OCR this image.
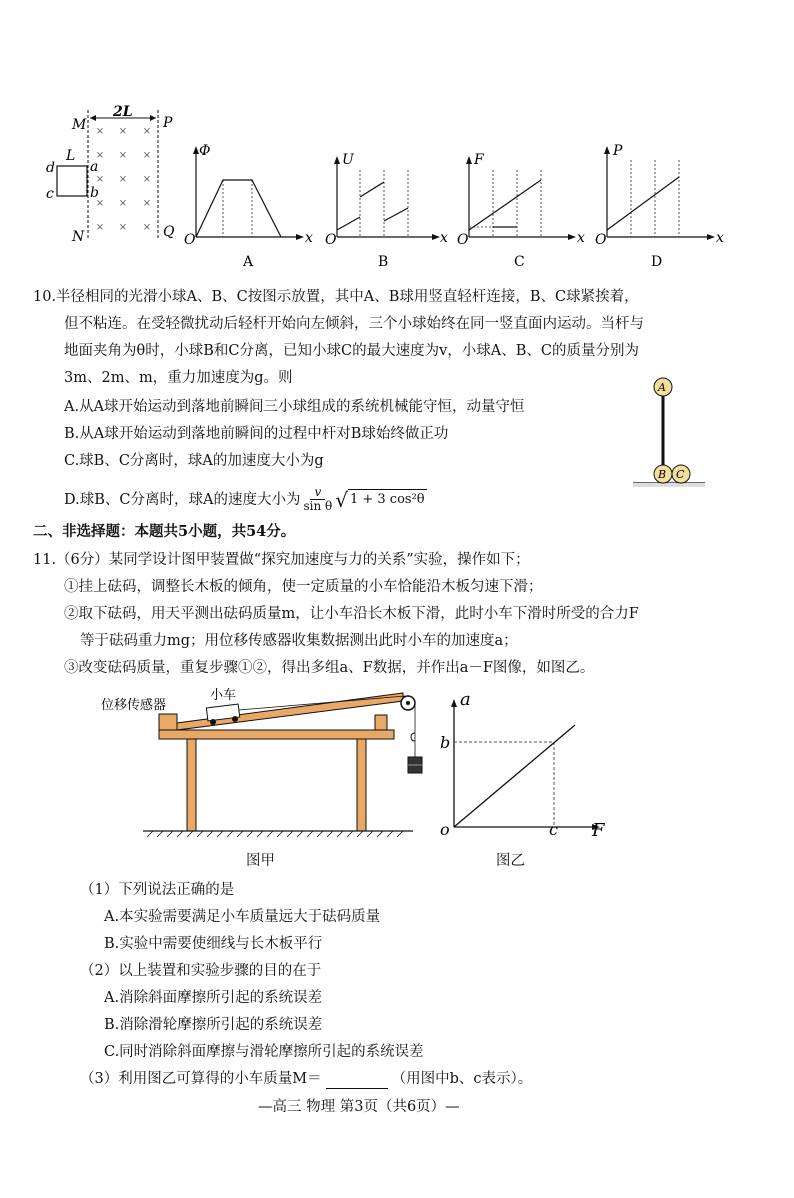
× × ×
× × ×
× × ×
× × ×
× × ×
2L
M	P
N	Q
L
a
b
c
d
Φ
x
O
A
U
x
O
B
F
x
O
C
P
x
O
D
10.半径相同的光滑小球A、B、C按图示放置，其中A、B球用竖直轻杆连接，B、C球紧挨着，
但不粘连。在受轻微扰动后轻杆开始向左倾斜，三个小球始终在同一竖直面内运动。当杆与
地面夹角为θ时，小球B和C分离，已知小球C的最大速度为v，小球A、B、C的质量分别为
3m、2m、m，重力加速度为g。则
A.从A球开始运动到落地前瞬间三小球组成的系统机械能守恒，动量守恒
B.从A球开始运动到落地前瞬间的过程中杆对B球始终做正功
C.球B、C分离时，球A的加速度大小为g
D.球B、C分离时，球A的速度大小为 $\frac{v}{\text{sin θ}}$ √ 1 + 3 cos²θ
A
B C
二、非选择题：本题共5小题，共54分。
11.（6分）某同学设计图甲装置做“探究加速度与力的关系”实验，操作如下；
①挂上砝码，调整长木板的倾角，使一定质量的小车恰能沿木板匀速下滑；
②取下砝码，用天平测出砝码质量m，让小车沿长木板下滑，此时小车下滑时所受的合力F
等于砝码重力mg；用位移传感器收集数据测出此时小车的加速度a；
③改变砝码质量，重复步骤①②，得出多组a、F数据，并作出a－F图像，如图乙。
位移传感器
小车
图甲
a
F
o
b
c
图乙
（1）下列说法正确的是
A.本实验需要满足小车质量远大于砝码质量
B.实验中需要使细线与长木板平行
（2）以上装置和实验步骤的目的在于
A.消除斜面摩擦所引起的系统误差
B.消除滑轮摩擦所引起的系统误差
C.同时消除斜面摩擦与滑轮摩擦所引起的系统误差
（3）利用图乙可算得的小车质量M＝	（用图中b、c表示）。
—高三 物理 第3页（共6页）—
